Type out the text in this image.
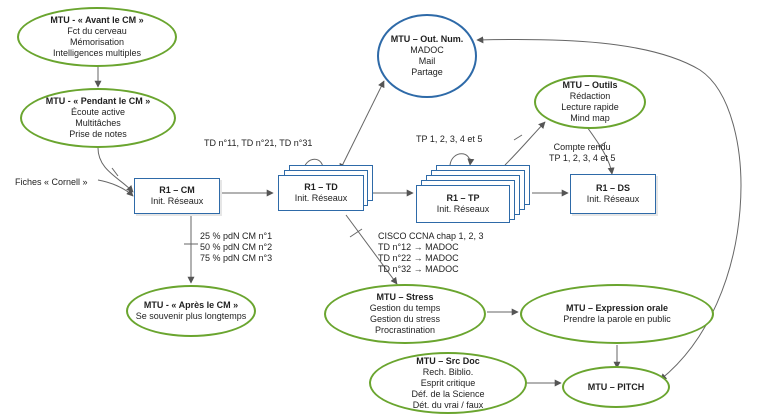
MTU - « Avant le CM »
Fct du cerveau
Mémorisation
Intelligences multiples
MTU - « Pendant le CM »
Écoute active
Multitâches
Prise de notes
MTU - « Après le CM »
Se souvenir plus longtemps
MTU – Out. Num.
MADOC
Mail
Partage
MTU – Outils
Rédaction
Lecture rapide
Mind map
MTU – Stress
Gestion du temps
Gestion du stress
Procrastination
MTU – Expression orale
Prendre la parole en public
MTU – Src Doc
Rech. Biblio.
Esprit critique
Déf. de la Science
Dét. du vrai / faux
MTU – PITCH
R1 – CM
Init. Réseaux
R1 – TD
Init. Réseaux	R1 – TP
Init. Réseaux
R1 – DS
Init. Réseaux
Fiches « Cornell »
TD n°11, TD n°21, TD n°31	TP 1, 2, 3, 4 et 5
Compte rendu
TP 1, 2, 3, 4 et 5
25 % pdN CM n°1
50 % pdN CM n°2
75 % pdN CM n°3
CISCO CCNA chap 1, 2, 3
TD n°12 → MADOC
TD n°22 → MADOC
TD n°32 → MADOC
